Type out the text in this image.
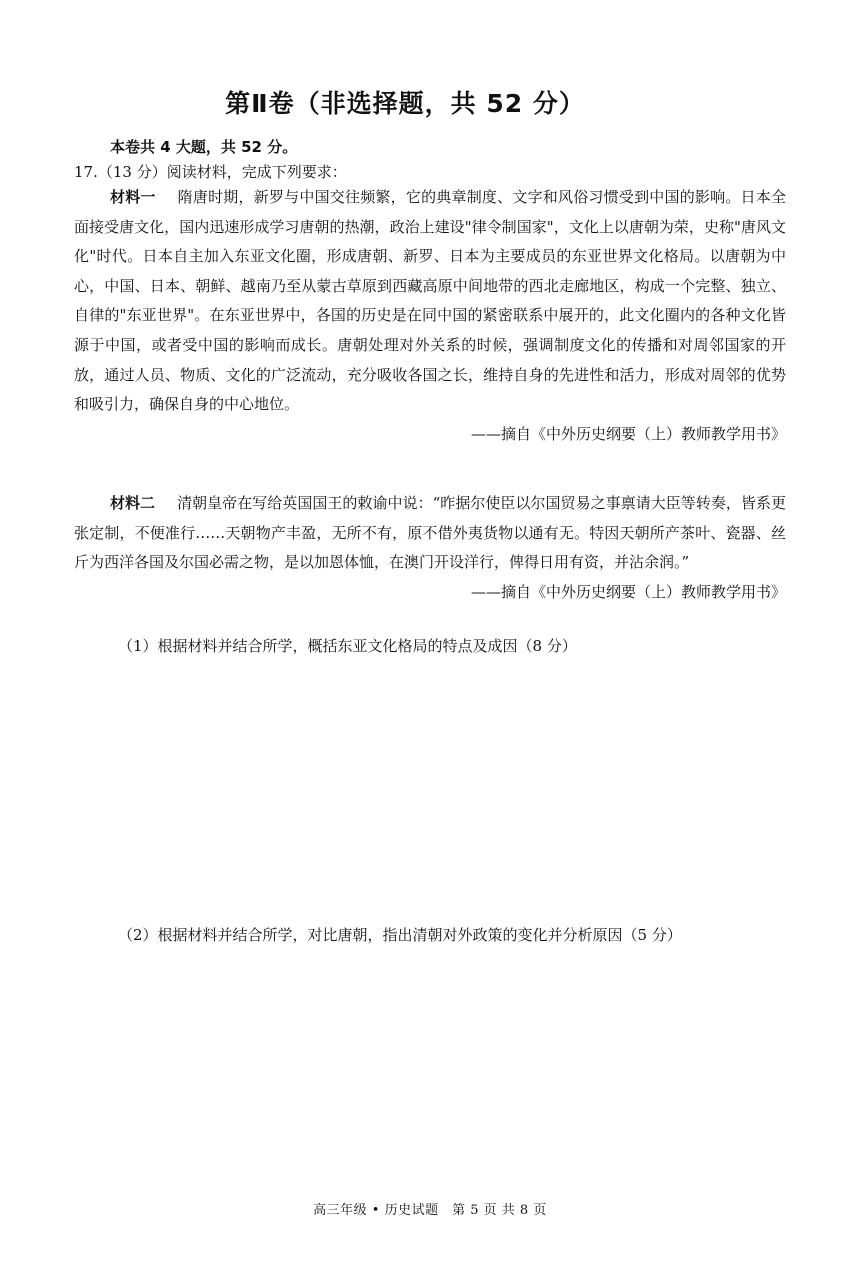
第Ⅱ卷（非选择题，共 52 分）
本卷共 4 大题，共 52 分。
17.（13 分）阅读材料，完成下列要求：
材料一 隋唐时期，新罗与中国交往频繁，它的典章制度、文字和风俗习惯受到中国的影响。日本全面接受唐文化，国内迅速形成学习唐朝的热潮，政治上建设"律令制国家"，文化上以唐朝为荣，史称"唐风文化"时代。日本自主加入东亚文化圈，形成唐朝、新罗、日本为主要成员的东亚世界文化格局。以唐朝为中心，中国、日本、朝鲜、越南乃至从蒙古草原到西藏高原中间地带的西北走廊地区，构成一个完整、独立、自律的"东亚世界"。在东亚世界中，各国的历史是在同中国的紧密联系中展开的，此文化圈内的各种文化皆源于中国，或者受中国的影响而成长。唐朝处理对外关系的时候，强调制度文化的传播和对周邻国家的开放，通过人员、物质、文化的广泛流动，充分吸收各国之长，维持自身的先进性和活力，形成对周邻的优势和吸引力，确保自身的中心地位。
——摘自《中外历史纲要（上）教师教学用书》
材料二 清朝皇帝在写给英国国王的敕谕中说：“昨据尔使臣以尔国贸易之事禀请大臣等转奏，皆系更张定制，不便准行……天朝物产丰盈，无所不有，原不借外夷货物以通有无。特因天朝所产茶叶、瓷器、丝斤为西洋各国及尔国必需之物，是以加恩体恤，在澳门开设洋行，俾得日用有资，并沾余润。”
——摘自《中外历史纲要（上）教师教学用书》
（1）根据材料并结合所学，概括东亚文化格局的特点及成因（8 分）
（2）根据材料并结合所学，对比唐朝，指出清朝对外政策的变化并分析原因（5 分）
高三年级 • 历史试题　第 5 页 共 8 页
